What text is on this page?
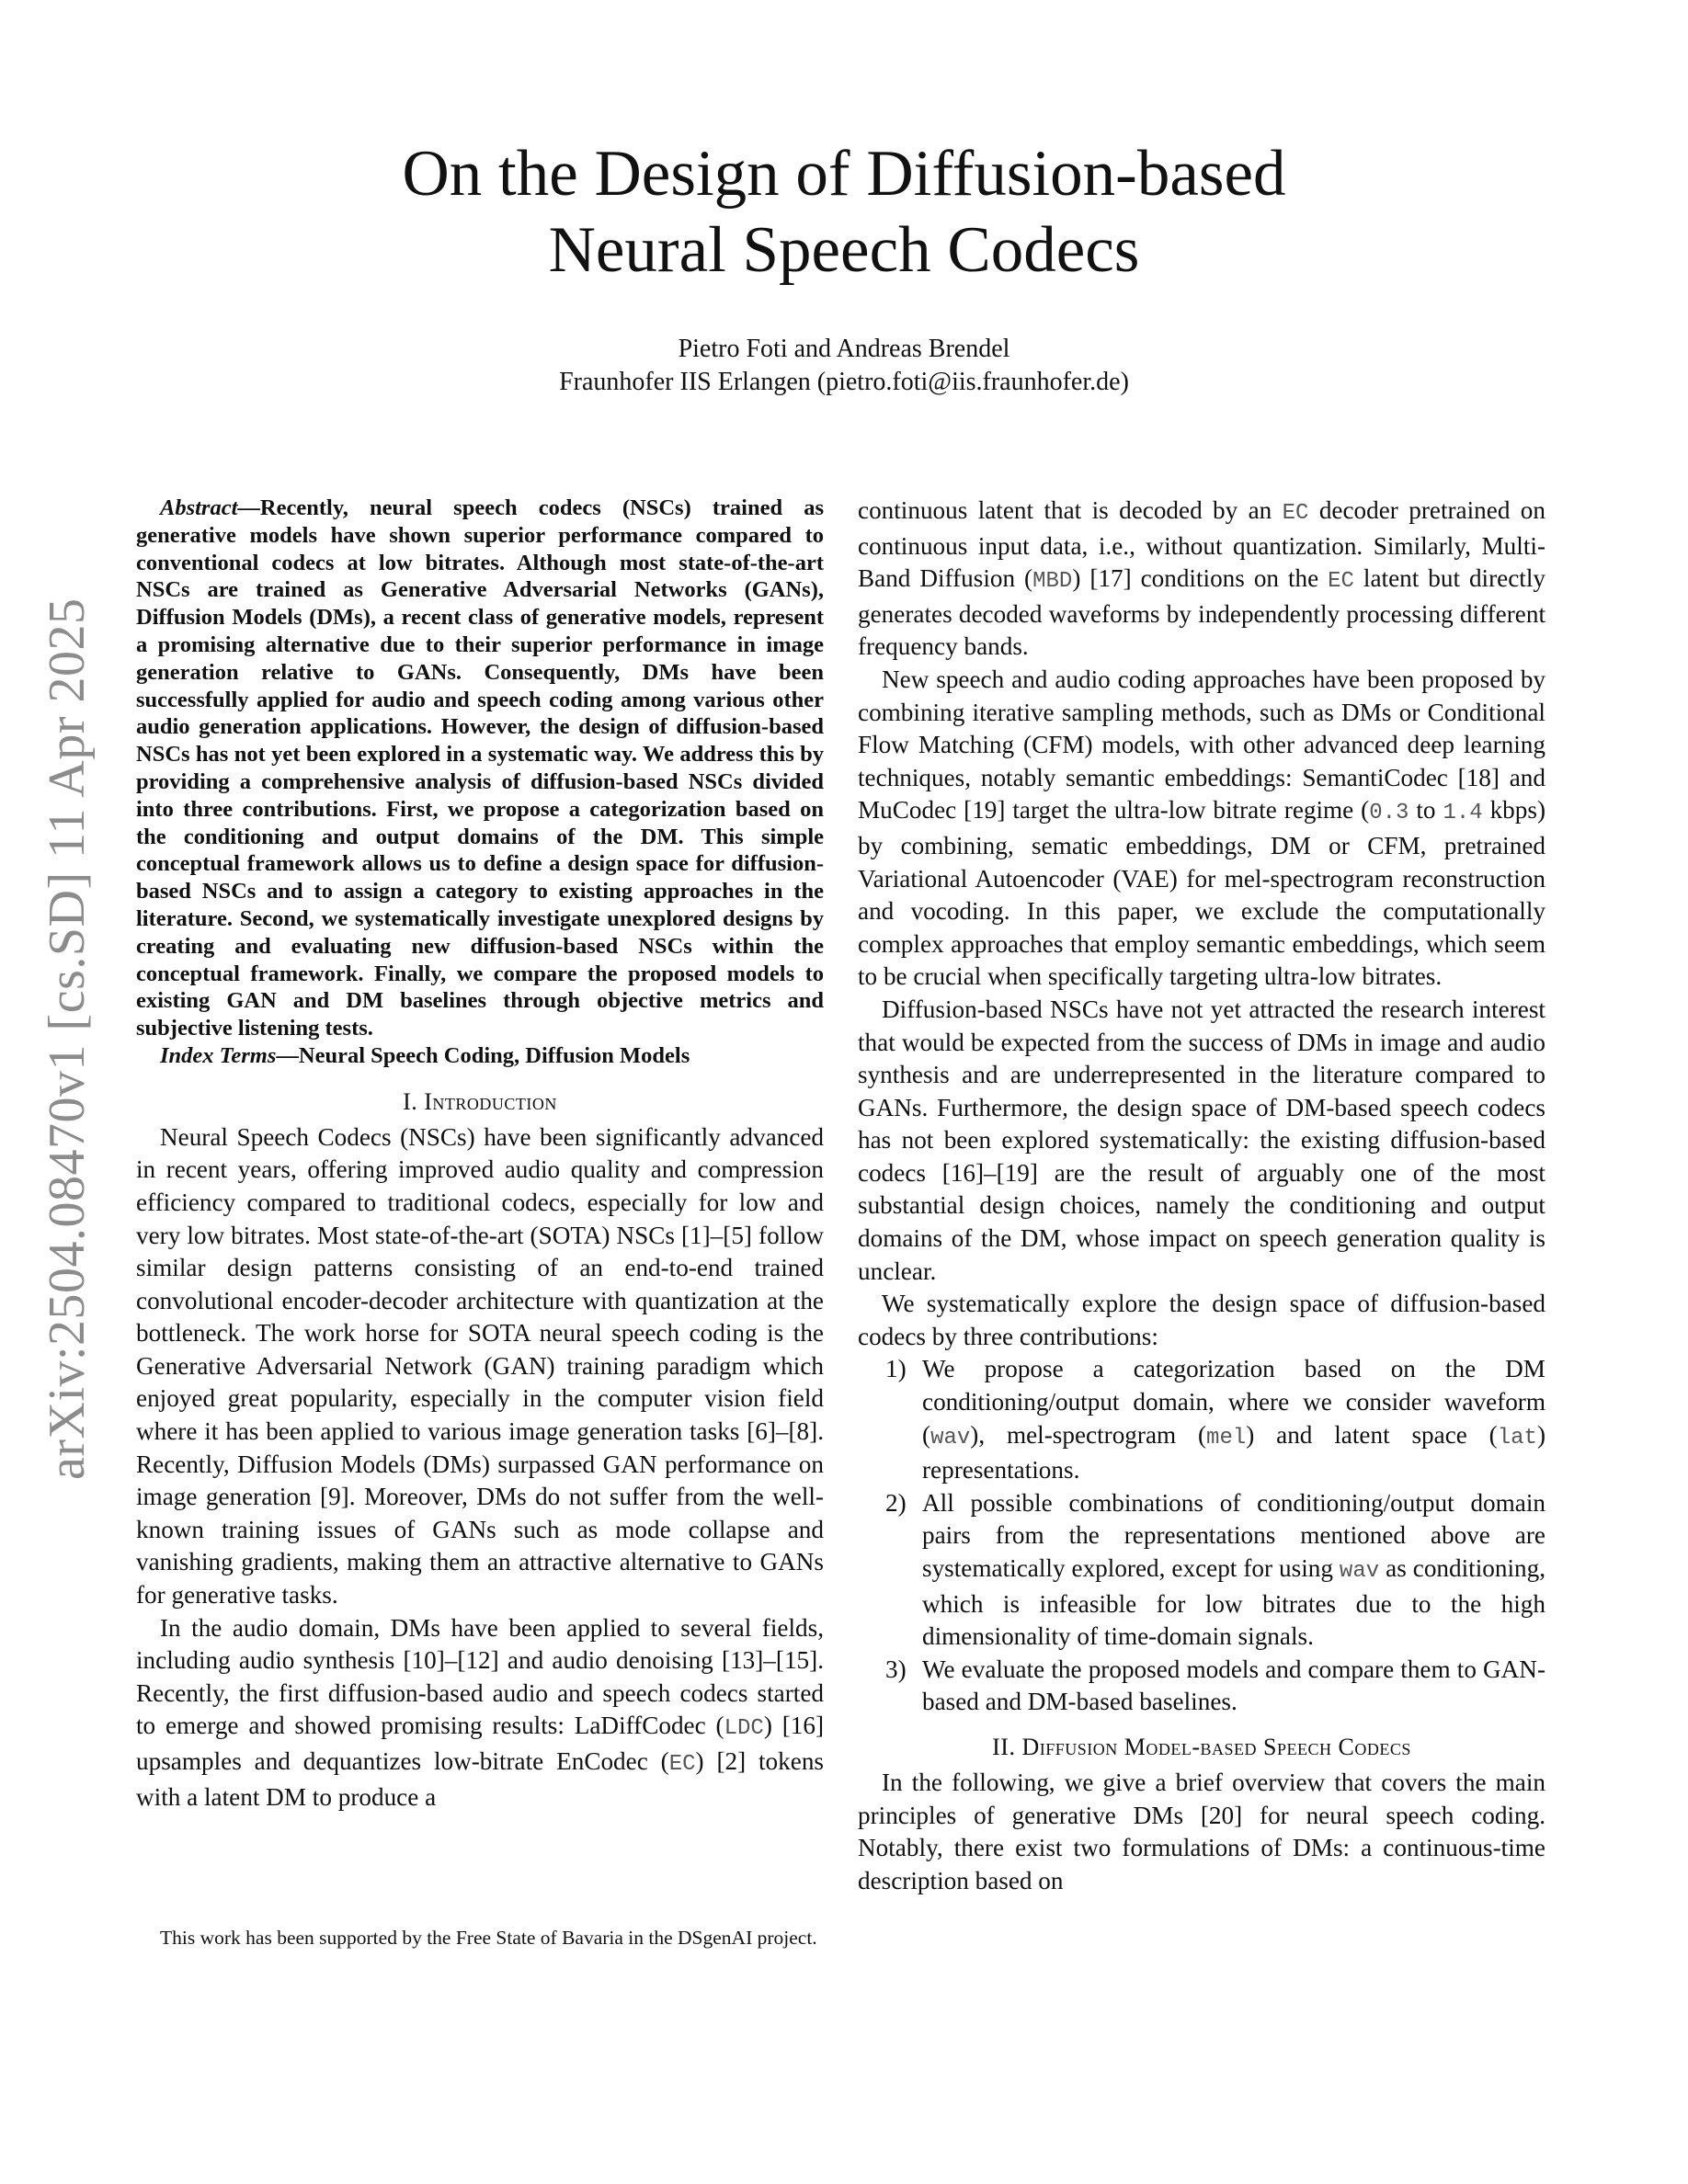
arXiv:2504.08470v1 [cs.SD] 11 Apr 2025
On the Design of Diffusion-based
Neural Speech Codecs
Pietro Foti and Andreas Brendel
Fraunhofer IIS Erlangen (pietro.foti@iis.fraunhofer.de)

Abstract—Recently, neural speech codecs (NSCs) trained as generative models have shown superior performance compared to conventional codecs at low bitrates. Although most state-of-the-art NSCs are trained as Generative Adversarial Networks (GANs), Diffusion Models (DMs), a recent class of generative models, represent a promising alternative due to their superior performance in image generation relative to GANs. Consequently, DMs have been successfully applied for audio and speech coding among various other audio generation applications. However, the design of diffusion-based NSCs has not yet been explored in a systematic way. We address this by providing a comprehensive analysis of diffusion-based NSCs divided into three contributions. First, we propose a categorization based on the conditioning and output domains of the DM. This simple conceptual framework allows us to define a design space for diffusion-based NSCs and to assign a category to existing approaches in the literature. Second, we systematically investigate unexplored designs by creating and evaluating new diffusion-based NSCs within the conceptual framework. Finally, we compare the proposed models to existing GAN and DM baselines through objective metrics and subjective listening tests.

Index Terms—Neural Speech Coding, Diffusion Models

I. Introduction

Neural Speech Codecs (NSCs) have been significantly advanced in recent years, offering improved audio quality and compression efficiency compared to traditional codecs, especially for low and very low bitrates. Most state-of-the-art (SOTA) NSCs [1]–[5] follow similar design patterns consisting of an end-to-end trained convolutional encoder-decoder architecture with quantization at the bottleneck. The work horse for SOTA neural speech coding is the Generative Adversarial Network (GAN) training paradigm which enjoyed great popularity, especially in the computer vision field where it has been applied to various image generation tasks [6]–[8]. Recently, Diffusion Models (DMs) surpassed GAN performance on image generation [9]. Moreover, DMs do not suffer from the well-known training issues of GANs such as mode collapse and vanishing gradients, making them an attractive alternative to GANs for generative tasks.

In the audio domain, DMs have been applied to several fields, including audio synthesis [10]–[12] and audio denoising [13]–[15]. Recently, the first diffusion-based audio and speech codecs started to emerge and showed promising results: LaDiffCodec (LDC) [16] upsamples and dequantizes low-bitrate EnCodec (EC) [2] tokens with a latent DM to produce a

This work has been supported by the Free State of Bavaria in the DSgenAI project.

continuous latent that is decoded by an EC decoder pretrained on continuous input data, i.e., without quantization. Similarly, Multi-Band Diffusion (MBD) [17] conditions on the EC latent but directly generates decoded waveforms by independently processing different frequency bands.

New speech and audio coding approaches have been proposed by combining iterative sampling methods, such as DMs or Conditional Flow Matching (CFM) models, with other advanced deep learning techniques, notably semantic embeddings: SemantiCodec [18] and MuCodec [19] target the ultra-low bitrate regime (0.3 to 1.4 kbps) by combining, sematic embeddings, DM or CFM, pretrained Variational Autoencoder (VAE) for mel-spectrogram reconstruction and vocoding. In this paper, we exclude the computationally complex approaches that employ semantic embeddings, which seem to be crucial when specifically targeting ultra-low bitrates.

Diffusion-based NSCs have not yet attracted the research interest that would be expected from the success of DMs in image and audio synthesis and are underrepresented in the literature compared to GANs. Furthermore, the design space of DM-based speech codecs has not been explored systematically: the existing diffusion-based codecs [16]–[19] are the result of arguably one of the most substantial design choices, namely the conditioning and output domains of the DM, whose impact on speech generation quality is unclear.

We systematically explore the design space of diffusion-based codecs by three contributions:

1) We propose a categorization based on the DM conditioning/output domain, where we consider waveform (wav), mel-spectrogram (mel) and latent space (lat) representations.
2) All possible combinations of conditioning/output domain pairs from the representations mentioned above are systematically explored, except for using wav as conditioning, which is infeasible for low bitrates due to the high dimensionality of time-domain signals.
3) We evaluate the proposed models and compare them to GAN-based and DM-based baselines.
II. Diffusion Model-based Speech Codecs

In the following, we give a brief overview that covers the main principles of generative DMs [20] for neural speech coding. Notably, there exist two formulations of DMs: a continuous-time description based on
